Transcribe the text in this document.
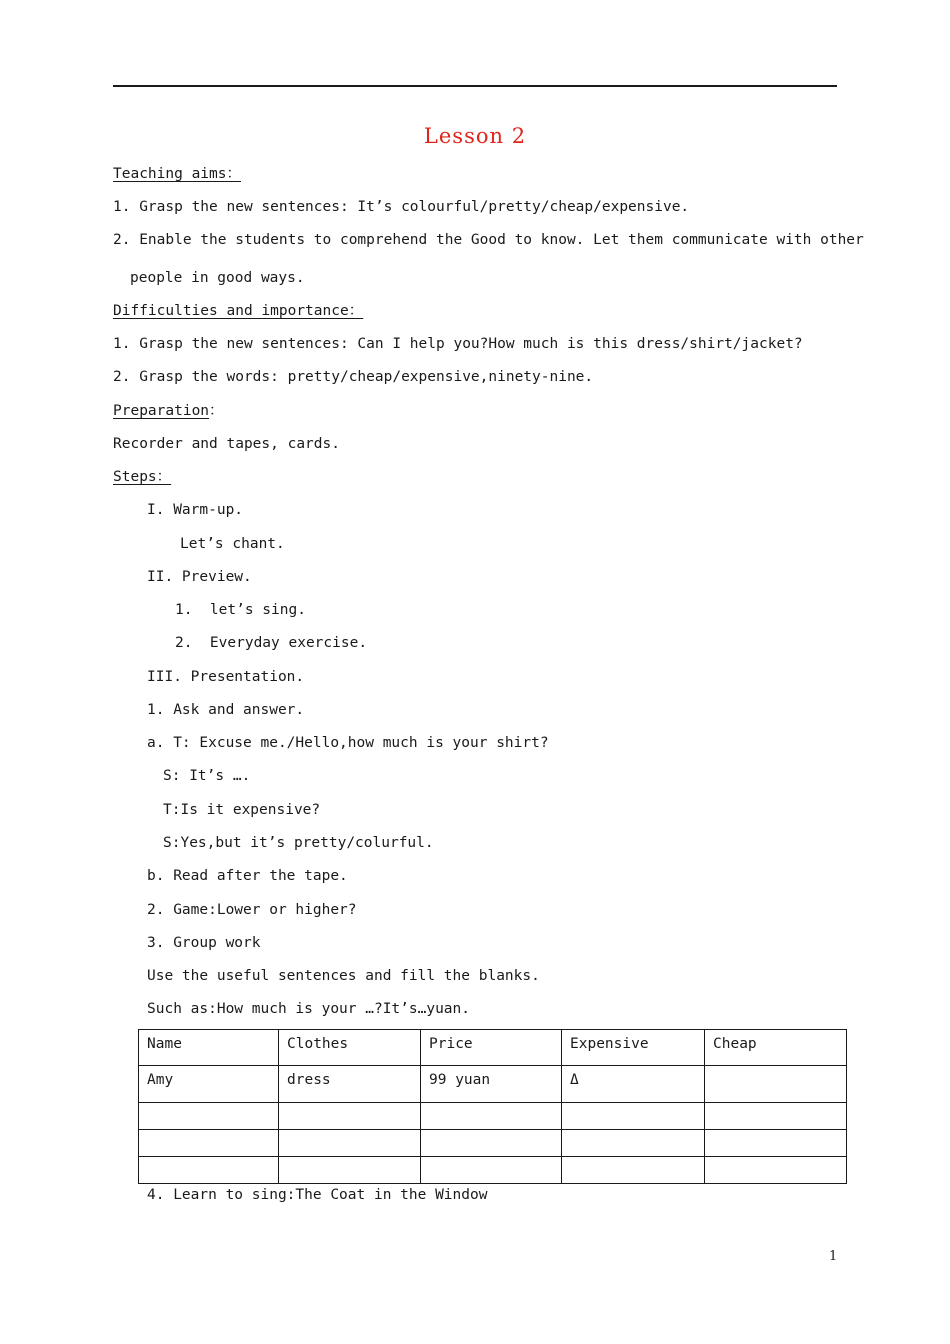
Lesson 2
Teaching aims：
1. Grasp the new sentences: It’s colourful/pretty/cheap/expensive.
2. Enable the students to comprehend the Good to know. Let them communicate with other
people in good ways.
Difficulties and importance：
1. Grasp the new sentences: Can I help you?How much is this dress/shirt/jacket?
2. Grasp the words: pretty/cheap/expensive,ninety-nine.
Preparation：
Recorder and tapes, cards.
Steps：
I. Warm-up.
Let’s chant.
II. Preview.
1.  let’s sing.
2.  Everyday exercise.
III. Presentation.
1. Ask and answer.
a. T: Excuse me./Hello,how much is your shirt?
S: It’s ….
T:Is it expensive?
S:Yes,but it’s pretty/colurful.
b. Read after the tape.
2. Game:Lower or higher?
3. Group work
Use the useful sentences and fill the blanks.
Such as:How much is your …?It’s…yuan.
Name	Clothes	Price	Expensive	Cheap
Amy	dress	99 yuan	Δ	

4. Learn to sing:The Coat in the Window
1
